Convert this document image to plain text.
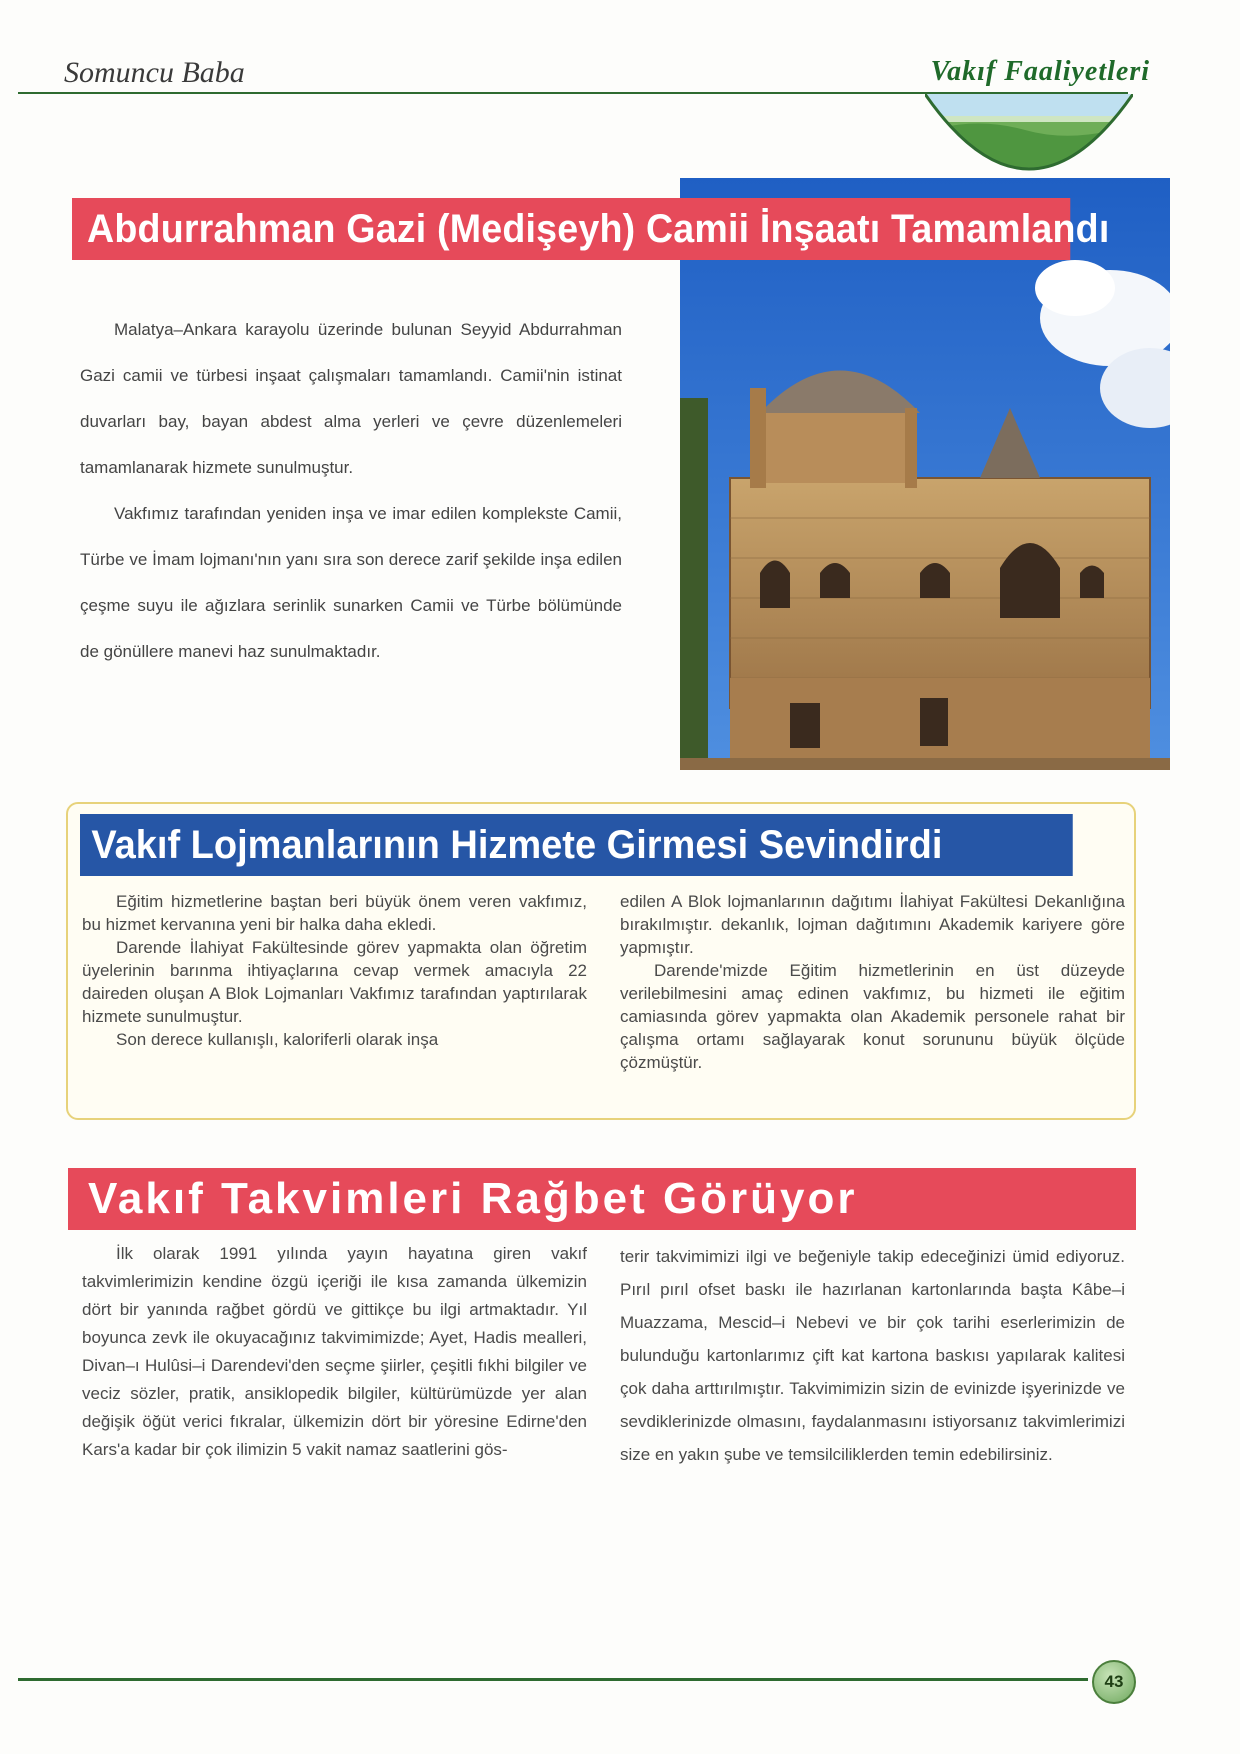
Somuncu Baba	Vakıf Faaliyetleri
Abdurrahman Gazi (Medişeyh) Camii İnşaatı Tamamlandı

Malatya–Ankara karayolu üzerinde bulunan Seyyid Abdurrahman Gazi camii ve türbesi inşaat çalışmaları tamamlandı. Camii'nin istinat duvarları bay, bayan abdest alma yerleri ve çevre düzenlemeleri tamamlanarak hizmete sunulmuştur.

Vakfımız tarafından yeniden inşa ve imar edilen komplekste Camii, Türbe ve İmam lojmanı'nın yanı sıra son derece zarif şekilde inşa edilen çeşme suyu ile ağızlara serinlik sunarken Camii ve Türbe bölümünde de gönüllere manevi haz sunulmaktadır.

Vakıf Lojmanlarının Hizmete Girmesi Sevindirdi

Eğitim hizmetlerine baştan beri büyük önem veren vakfımız, bu hizmet kervanına yeni bir halka daha ekledi.

Darende İlahiyat Fakültesinde görev yapmakta olan öğretim üyelerinin barınma ihtiyaçlarına cevap vermek amacıyla 22 daireden oluşan A Blok Lojmanları Vakfımız tarafından yaptırılarak hizmete sunulmuştur.

Son derece kullanışlı, kaloriferli olarak inşa

edilen A Blok lojmanlarının dağıtımı İlahiyat Fakültesi Dekanlığına bırakılmıştır. dekanlık, lojman dağıtımını Akademik kariyere göre yapmıştır.

Darende'mizde Eğitim hizmetlerinin en üst düzeyde verilebilmesini amaç edinen vakfımız, bu hizmeti ile eğitim camiasında görev yapmakta olan Akademik personele rahat bir çalışma ortamı sağlayarak konut sorununu büyük ölçüde çözmüştür.

Vakıf Takvimleri Rağbet Görüyor

İlk olarak 1991 yılında yayın hayatına giren vakıf takvimlerimizin kendine özgü içeriği ile kısa zamanda ülkemizin dört bir yanında rağbet gördü ve gittikçe bu ilgi artmaktadır. Yıl boyunca zevk ile okuyacağınız takvimimizde; Ayet, Hadis mealleri, Divan–ı Hulûsi–i Darendevi'den seçme şiirler, çeşitli fıkhi bilgiler ve veciz sözler, pratik, ansiklopedik bilgiler, kültürümüzde yer alan değişik öğüt verici fıkralar, ülkemizin dört bir yöresine Edirne'den Kars'a kadar bir çok ilimizin 5 vakit namaz saatlerini gös-

terir takvimimizi ilgi ve beğeniyle takip edeceğinizi ümid ediyoruz. Pırıl pırıl ofset baskı ile hazırlanan kartonlarında başta Kâbe–i Muazzama, Mescid–i Nebevi ve bir çok tarihi eserlerimizin de bulunduğu kartonlarımız çift kat kartona baskısı yapılarak kalitesi çok daha arttırılmıştır. Takvimimizin sizin de evinizde işyerinizde ve sevdiklerinizde olmasını, faydalanmasını istiyorsanız takvimlerimizi size en yakın şube ve temsilciliklerden temin edebilirsiniz.

43
